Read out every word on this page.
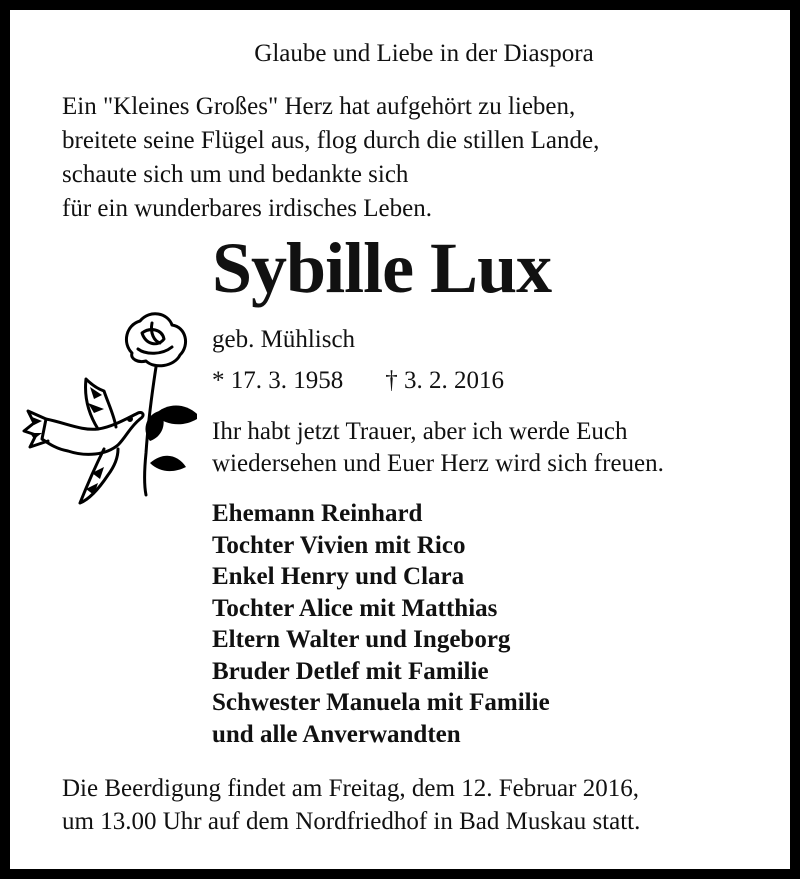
Glaube und Liebe in der Diaspora
Ein "Kleines Großes" Herz hat aufgehört zu lieben,
breitete seine Flügel aus, flog durch die stillen Lande,
schaute sich um und bedankte sich
für ein wunderbares irdisches Leben.
Sybille Lux
geb. Mühlisch
* 17. 3. 1958 † 3. 2. 2016
Ihr habt jetzt Trauer, aber ich werde Euch
wiedersehen und Euer Herz wird sich freuen.
Ehemann Reinhard
Tochter Vivien mit Rico
Enkel Henry und Clara
Tochter Alice mit Matthias
Eltern Walter und Ingeborg
Bruder Detlef mit Familie
Schwester Manuela mit Familie
und alle Anverwandten
Die Beerdigung findet am Freitag, dem 12. Februar 2016,
um 13.00 Uhr auf dem Nordfriedhof in Bad Muskau statt.
